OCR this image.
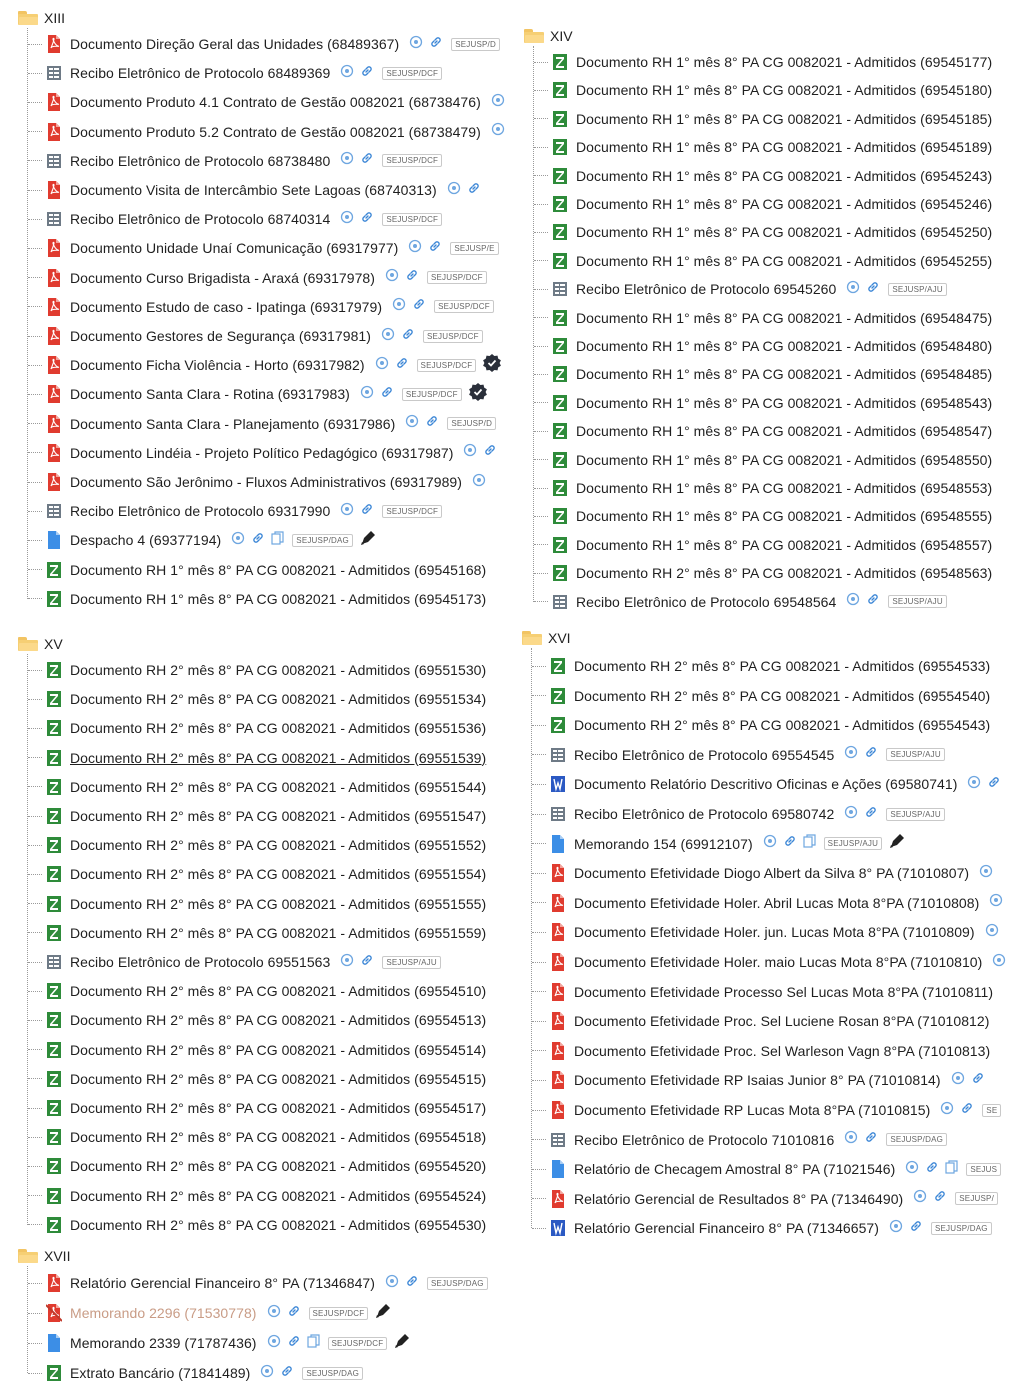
XIII
Documento Direção Geral das Unidades (68489367)	SEJUSP/D
Recibo Eletrônico de Protocolo 68489369	SEJUSP/DCF
Documento Produto 4.1 Contrato de Gestão 0082021 (68738476)
Documento Produto 5.2 Contrato de Gestão 0082021 (68738479)
Recibo Eletrônico de Protocolo 68738480	SEJUSP/DCF
Documento Visita de Intercâmbio Sete Lagoas (68740313)
Recibo Eletrônico de Protocolo 68740314	SEJUSP/DCF
Documento Unidade Unaí Comunicação (69317977)	SEJUSP/E
Documento Curso Brigadista - Araxá (69317978)	SEJUSP/DCF
Documento Estudo de caso - Ipatinga (69317979)	SEJUSP/DCF
Documento Gestores de Segurança (69317981)	SEJUSP/DCF
Documento Ficha Violência - Horto (69317982)	SEJUSP/DCF
Documento Santa Clara - Rotina (69317983)	SEJUSP/DCF
Documento Santa Clara - Planejamento (69317986)	SEJUSP/D
Documento Lindéia - Projeto Político Pedagógico (69317987)
Documento São Jerônimo - Fluxos Administrativos (69317989)
Recibo Eletrônico de Protocolo 69317990	SEJUSP/DCF
Despacho 4 (69377194)	SEJUSP/DAG
Documento RH 1° mês 8° PA CG 0082021 - Admitidos (69545168)
Documento RH 1° mês 8° PA CG 0082021 - Admitidos (69545173)
XIV
Documento RH 1° mês 8° PA CG 0082021 - Admitidos (69545177)
Documento RH 1° mês 8° PA CG 0082021 - Admitidos (69545180)
Documento RH 1° mês 8° PA CG 0082021 - Admitidos (69545185)
Documento RH 1° mês 8° PA CG 0082021 - Admitidos (69545189)
Documento RH 1° mês 8° PA CG 0082021 - Admitidos (69545243)
Documento RH 1° mês 8° PA CG 0082021 - Admitidos (69545246)
Documento RH 1° mês 8° PA CG 0082021 - Admitidos (69545250)
Documento RH 1° mês 8° PA CG 0082021 - Admitidos (69545255)
Recibo Eletrônico de Protocolo 69545260	SEJUSP/AJU
Documento RH 1° mês 8° PA CG 0082021 - Admitidos (69548475)
Documento RH 1° mês 8° PA CG 0082021 - Admitidos (69548480)
Documento RH 1° mês 8° PA CG 0082021 - Admitidos (69548485)
Documento RH 1° mês 8° PA CG 0082021 - Admitidos (69548543)
Documento RH 1° mês 8° PA CG 0082021 - Admitidos (69548547)
Documento RH 1° mês 8° PA CG 0082021 - Admitidos (69548550)
Documento RH 1° mês 8° PA CG 0082021 - Admitidos (69548553)
Documento RH 1° mês 8° PA CG 0082021 - Admitidos (69548555)
Documento RH 1° mês 8° PA CG 0082021 - Admitidos (69548557)
Documento RH 2° mês 8° PA CG 0082021 - Admitidos (69548563)
Recibo Eletrônico de Protocolo 69548564	SEJUSP/AJU
XV
Documento RH 2° mês 8° PA CG 0082021 - Admitidos (69551530)
Documento RH 2° mês 8° PA CG 0082021 - Admitidos (69551534)
Documento RH 2° mês 8° PA CG 0082021 - Admitidos (69551536)
Documento RH 2° mês 8° PA CG 0082021 - Admitidos (69551539)
Documento RH 2° mês 8° PA CG 0082021 - Admitidos (69551544)
Documento RH 2° mês 8° PA CG 0082021 - Admitidos (69551547)
Documento RH 2° mês 8° PA CG 0082021 - Admitidos (69551552)
Documento RH 2° mês 8° PA CG 0082021 - Admitidos (69551554)
Documento RH 2° mês 8° PA CG 0082021 - Admitidos (69551555)
Documento RH 2° mês 8° PA CG 0082021 - Admitidos (69551559)
Recibo Eletrônico de Protocolo 69551563	SEJUSP/AJU
Documento RH 2° mês 8° PA CG 0082021 - Admitidos (69554510)
Documento RH 2° mês 8° PA CG 0082021 - Admitidos (69554513)
Documento RH 2° mês 8° PA CG 0082021 - Admitidos (69554514)
Documento RH 2° mês 8° PA CG 0082021 - Admitidos (69554515)
Documento RH 2° mês 8° PA CG 0082021 - Admitidos (69554517)
Documento RH 2° mês 8° PA CG 0082021 - Admitidos (69554518)
Documento RH 2° mês 8° PA CG 0082021 - Admitidos (69554520)
Documento RH 2° mês 8° PA CG 0082021 - Admitidos (69554524)
Documento RH 2° mês 8° PA CG 0082021 - Admitidos (69554530)
XVI
Documento RH 2° mês 8° PA CG 0082021 - Admitidos (69554533)
Documento RH 2° mês 8° PA CG 0082021 - Admitidos (69554540)
Documento RH 2° mês 8° PA CG 0082021 - Admitidos (69554543)
Recibo Eletrônico de Protocolo 69554545	SEJUSP/AJU
Documento Relatório Descritivo Oficinas e Ações (69580741)
Recibo Eletrônico de Protocolo 69580742	SEJUSP/AJU
Memorando 154 (69912107)	SEJUSP/AJU
Documento Efetividade Diogo Albert da Silva 8° PA (71010807)
Documento Efetividade Holer. Abril Lucas Mota 8°PA (71010808)
Documento Efetividade Holer. jun. Lucas Mota 8°PA (71010809)
Documento Efetividade Holer. maio Lucas Mota 8°PA (71010810)
Documento Efetividade Processo Sel Lucas Mota 8°PA (71010811)
Documento Efetividade Proc. Sel Luciene Rosan 8°PA (71010812)
Documento Efetividade Proc. Sel Warleson Vagn 8°PA (71010813)
Documento Efetividade RP Isaias Junior 8° PA (71010814)
Documento Efetividade RP Lucas Mota 8°PA (71010815)	SE
Recibo Eletrônico de Protocolo 71010816	SEJUSP/DAG
Relatório de Checagem Amostral 8° PA (71021546)	SEJUS
Relatório Gerencial de Resultados 8° PA (71346490)	SEJUSP/
Relatório Gerencial Financeiro 8° PA (71346657)	SEJUSP/DAG
XVII
Relatório Gerencial Financeiro 8° PA (71346847)	SEJUSP/DAG
Memorando 2296 (71530778)	SEJUSP/DCF
Memorando 2339 (71787436)	SEJUSP/DCF
Extrato Bancário (71841489)	SEJUSP/DAG
